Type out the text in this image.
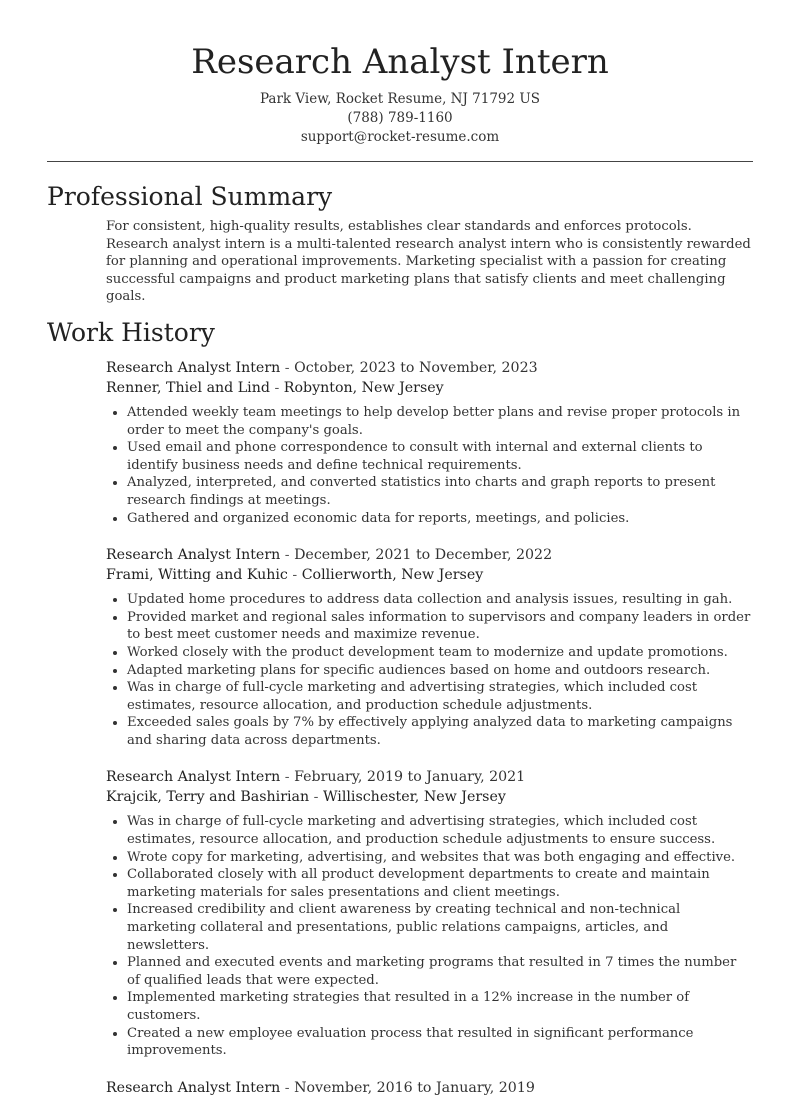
Research Analyst Intern
Park View, Rocket Resume, NJ 71792 US
(788) 789-1160
support@rocket-resume.com
Professional Summary

For consistent, high-quality results, establishes clear standards and enforces protocols. Research analyst intern is a multi-talented research analyst intern who is consistently rewarded for planning and operational improvements. Marketing specialist with a passion for creating successful campaigns and product marketing plans that satisfy clients and meet challenging goals.

Work History
Research Analyst Intern - October, 2023 to November, 2023
Renner, Thiel and Lind - Robynton, New Jersey
• Attended weekly team meetings to help develop better plans and revise proper protocols in order to meet the company's goals.
• Used email and phone correspondence to consult with internal and external clients to identify business needs and define technical requirements.
• Analyzed, interpreted, and converted statistics into charts and graph reports to present research findings at meetings.
• Gathered and organized economic data for reports, meetings, and policies.
Research Analyst Intern - December, 2021 to December, 2022
Frami, Witting and Kuhic - Collierworth, New Jersey
• Updated home procedures to address data collection and analysis issues, resulting in gah.
• Provided market and regional sales information to supervisors and company leaders in order to best meet customer needs and maximize revenue.
• Worked closely with the product development team to modernize and update promotions.
• Adapted marketing plans for specific audiences based on home and outdoors research.
• Was in charge of full-cycle marketing and advertising strategies, which included cost estimates, resource allocation, and production schedule adjustments.
• Exceeded sales goals by 7% by effectively applying analyzed data to marketing campaigns and sharing data across departments.
Research Analyst Intern - February, 2019 to January, 2021
Krajcik, Terry and Bashirian - Willischester, New Jersey
• Was in charge of full-cycle marketing and advertising strategies, which included cost estimates, resource allocation, and production schedule adjustments to ensure success.
• Wrote copy for marketing, advertising, and websites that was both engaging and effective.
• Collaborated closely with all product development departments to create and maintain marketing materials for sales presentations and client meetings.
• Increased credibility and client awareness by creating technical and non-technical marketing collateral and presentations, public relations campaigns, articles, and newsletters.
• Planned and executed events and marketing programs that resulted in 7 times the number of qualified leads that were expected.
• Implemented marketing strategies that resulted in a 12% increase in the number of customers.
• Created a new employee evaluation process that resulted in significant performance improvements.
Research Analyst Intern - November, 2016 to January, 2019
